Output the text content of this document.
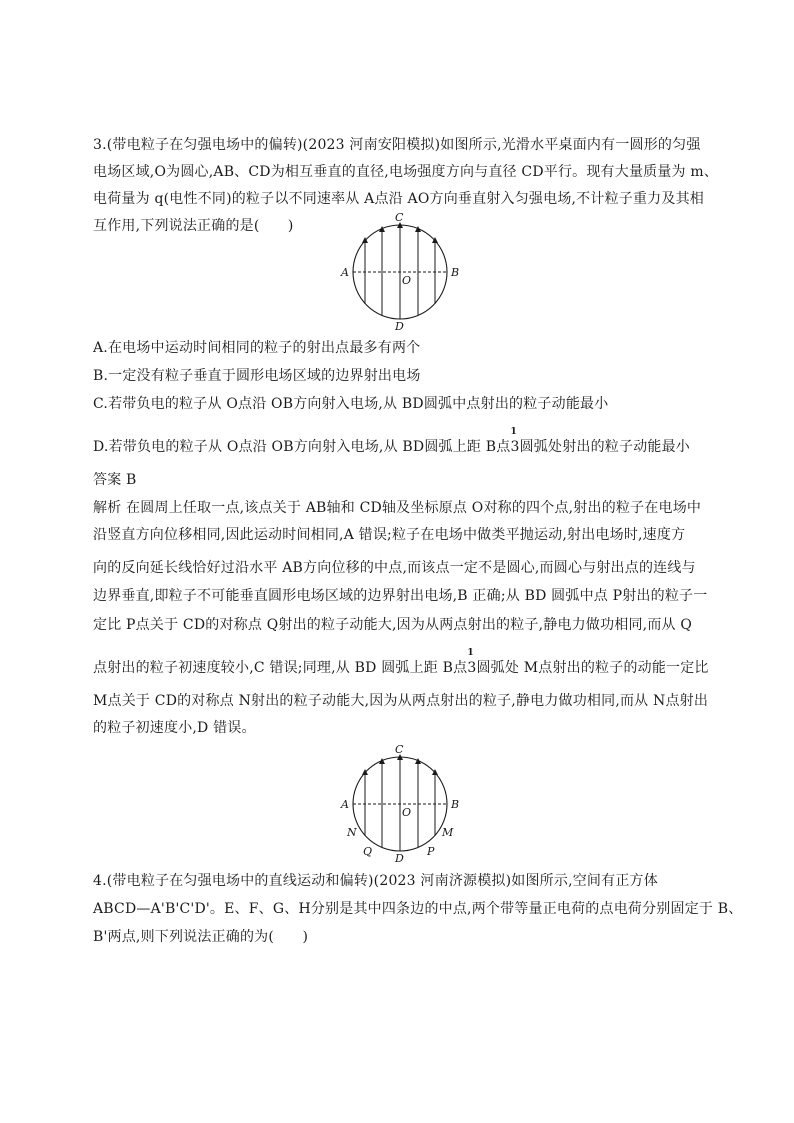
3.(带电粒子在匀强电场中的偏转)(2023 河南安阳模拟)如图所示,光滑水平桌面内有一圆形的匀强
电场区域,O为圆心,AB、CD为相互垂直的直径,电场强度方向与直径 CD平行。现有大量质量为 m、
电荷量为 q(电性不同)的粒子以不同速率从 A点沿 AO方向垂直射入匀强电场,不计粒子重力及其相
互作用,下列说法正确的是(　　)
C
A
O
B
D
A.在电场中运动时间相同的粒子的射出点最多有两个
B.一定没有粒子垂直于圆形电场区域的边界射出电场
C.若带负电的粒子从 O点沿 OB方向射入电场,从 BD圆弧中点射出的粒子动能最小
D.若带负电的粒子从 O点沿 OB方向射入电场,从 BD圆弧上距 B点
1
3圆弧处射出的粒子动能最小
答案 B
解析 在圆周上任取一点,该点关于 AB轴和 CD轴及坐标原点 O对称的四个点,射出的粒子在电场中
沿竖直方向位移相同,因此运动时间相同,A 错误;粒子在电场中做类平抛运动,射出电场时,速度方
向的反向延长线恰好过沿水平 AB方向位移的中点,而该点一定不是圆心,而圆心与射出点的连线与
边界垂直,即粒子不可能垂直圆形电场区域的边界射出电场,B 正确;从 BD 圆弧中点 P射出的粒子一
定比 P点关于 CD的对称点 Q射出的粒子动能大,因为从两点射出的粒子,静电力做功相同,而从 Q
点射出的粒子初速度较小,C 错误;同理,从 BD 圆弧上距 B点
1
3圆弧处 M点射出的粒子的动能一定比
M点关于 CD的对称点 N射出的粒子动能大,因为从两点射出的粒子,静电力做功相同,而从 N点射出
的粒子初速度小,D 错误。
C
A
O
B
D
N
Q	P
M
4.(带电粒子在匀强电场中的直线运动和偏转)(2023 河南济源模拟)如图所示,空间有正方体
ABCD—A'B'C'D'。E、F、G、H分别是其中四条边的中点,两个带等量正电荷的点电荷分别固定于 B、
B'两点,则下列说法正确的为(　　)
